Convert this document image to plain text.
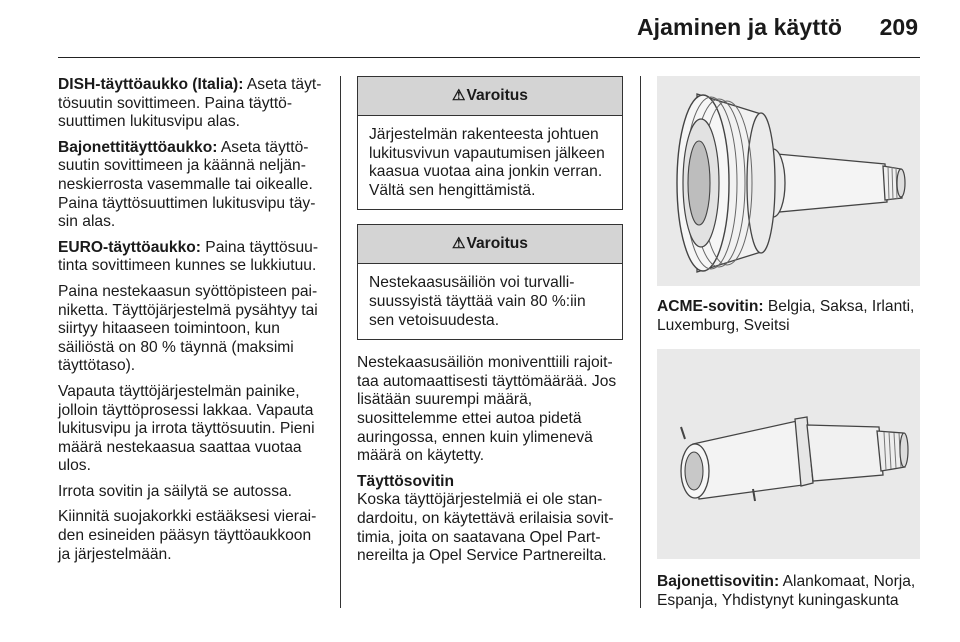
Ajaminen ja käyttö 209

DISH-täyttöaukko (Italia): Aseta täyttösuutin sovittimeen. Paina täyttösuuttimen lukitusvipu alas.

Bajonettitäyttöaukko: Aseta täyttösuutin sovittimeen ja käännä neljänneskierrosta vasemmalle tai oikealle. Paina täyttösuuttimen lukitusvipu täysin alas.

EURO-täyttöaukko: Paina täyttösuutinta sovittimeen kunnes se lukkiutuu.

Paina nestekaasun syöttöpisteen painiketta. Täyttöjärjestelmä pysähtyy tai siirtyy hitaaseen toimintoon, kun säiliöstä on 80 % täynnä (maksimi täyttötaso).

Vapauta täyttöjärjestelmän painike, jolloin täyttöprosessi lakkaa. Vapauta lukitusvipu ja irrota täyttösuutin. Pieni määrä nestekaasua saattaa vuotaa ulos.

Irrota sovitin ja säilytä se autossa.

Kiinnitä suojakorkki estääksesi vieraiden esineiden pääsyn täyttöaukkoon ja järjestelmään.

⚠ Varoitus
Järjestelmän rakenteesta johtuen lukitusvivun vapautumisen jälkeen kaasua vuotaa aina jonkin verran. Vältä sen hengittämistä.
⚠ Varoitus
Nestekaasusäiliön voi turvallisuussyistä täyttää vain 80 %:iin sen vetoisuudesta.

Nestekaasusäiliön moniventtiili rajoittaa automaattisesti täyttömäärää. Jos lisätään suurempi määrä, suosittelemme ettei autoa pidetä auringossa, ennen kuin ylimenevä määrä on käytetty.

Täyttösovitin

Koska täyttöjärjestelmiä ei ole standardoitu, on käytettävä erilaisia sovittimia, joita on saatavana Opel Partnereilta ja Opel Service Partnereilta.

ACME-sovitin: Belgia, Saksa, Irlanti, Luxemburg, Sveitsi

Bajonettisovitin: Alankomaat, Norja, Espanja, Yhdistynyt kuningaskunta
